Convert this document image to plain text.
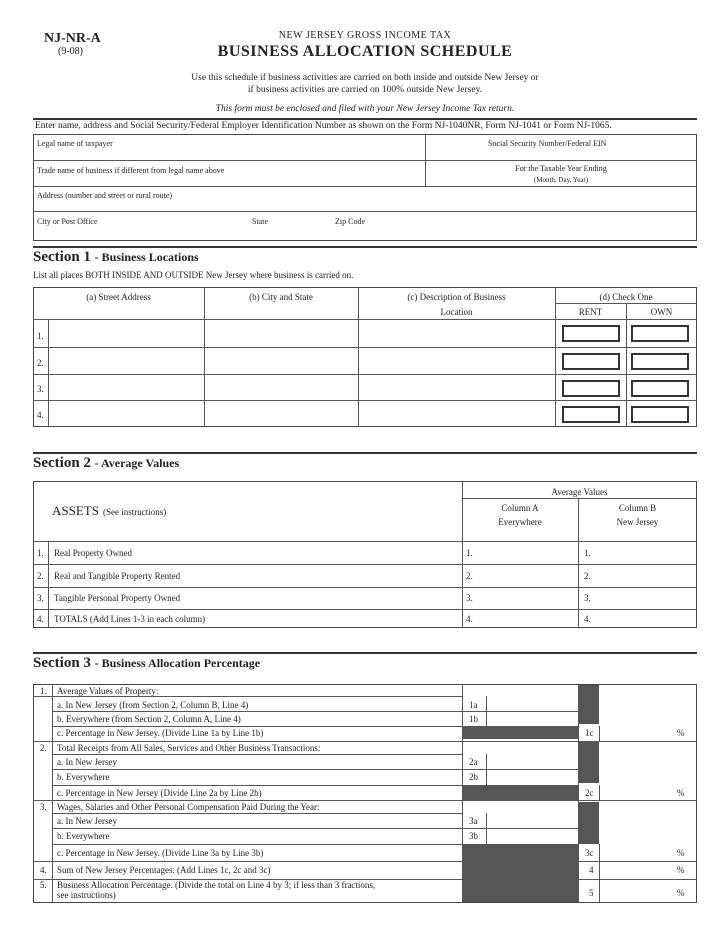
NJ-NR-A
(9-08)
NEW JERSEY GROSS INCOME TAX
BUSINESS ALLOCATION SCHEDULE
Use this schedule if business activities are carried on both inside and outside New Jersey or
if business activities are carried on 100% outside New Jersey.
This form must be enclosed and filed with your New Jersey Income Tax return.
Enter name, address and Social Security/Federal Employer Identification Number as shown on the Form NJ-1040NR, Form NJ-1041 or Form NJ-1065.
Legal name of taxpayer	Social Security Number/Federal EIN
Trade name of business if different from legal name above	For the Taxable Year Ending
(Month, Day, Year)
Address (number and street or rural route)
City or Post Office	State	Zip Code
Section 1 - Business Locations
List all places BOTH INSIDE AND OUTSIDE New Jersey where business is carried on.
(a) Street Address	(b) City and State	(c) Description of Business
Location
(d) Check One
RENT	OWN
1.
2.
3.
4.
Section 2 - Average Values
ASSETS (See instructions)
Average Values
Column A
Everywhere
Column B
New Jersey
1. Real Property Owned	1.	1.
2. Real and Tangible Property Rented	2.	2.
3. Tangible Personal Property Owned	3.	3.
4. TOTALS (Add Lines 1-3 in each column)	4.	4.
Section 3 - Business Allocation Percentage
1. Average Values of Property:
a. In New Jersey (from Section 2, Column B, Line 4)	1a
b. Everywhere (from Section 2, Column A, Line 4)	1b
c. Percentage in New Jersey. (Divide Line 1a by Line 1b)	1c	%
2. Total Receipts from All Sales, Services and Other Business Transactions:
a. In New Jersey	2a
b. Everywhere	2b
c. Percentage in New Jersey (Divide Line 2a by Line 2b)	2c	%
3. Wages, Salaries and Other Personal Compensation Paid During the Year:
a. In New Jersey	3a
b. Everywhere	3b
c. Percentage in New Jersey. (Divide Line 3a by Line 3b)	3c	%
4. Sum of New Jersey Percentages. (Add Lines 1c, 2c and 3c)	4	%
5. Business Allocation Percentage. (Divide the total on Line 4 by 3; if less than 3 fractions,
see instructions)	5	%
